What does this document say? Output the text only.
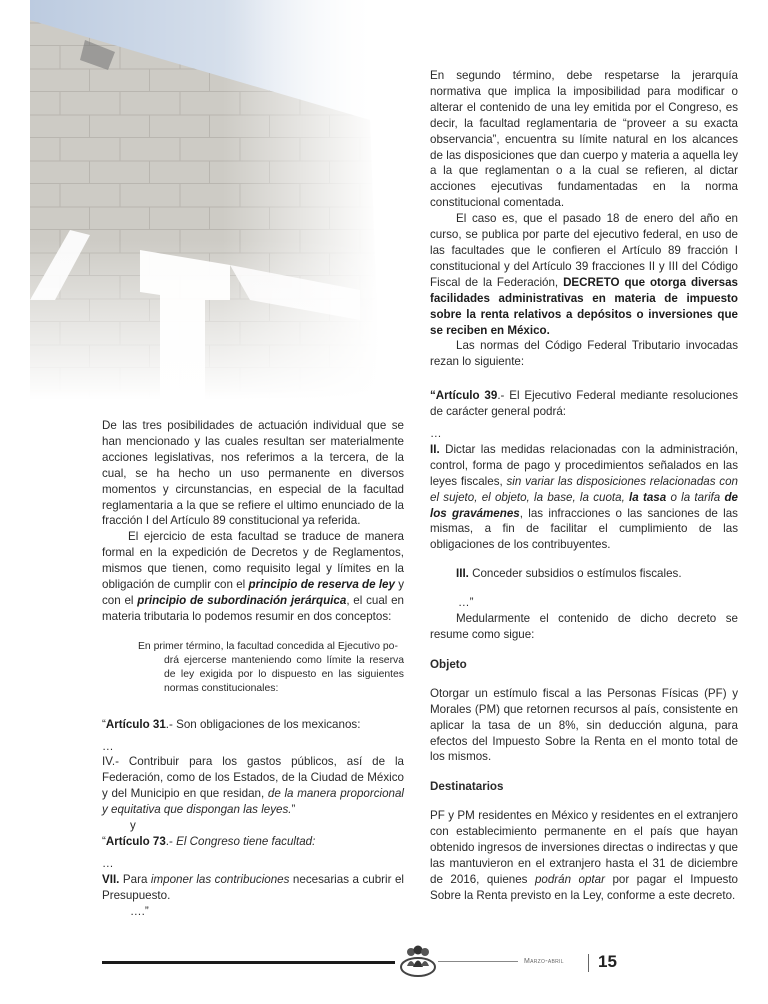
De las tres posibilidades de actuación individual que se han mencionado y las cuales resultan ser materialmente acciones legislativas, nos referimos a la tercera, de la cual, se ha hecho un uso permanente en diversos momentos y circunstancias, en especial de la facultad reglamentaria a la que se refiere el ultimo enunciado de la fracción I del Artículo 89 constitucional ya referida.

El ejercicio de esta facultad se traduce de manera formal en la expedición de Decretos y de Reglamentos, mismos que tienen, como requisito legal y límites en la obligación de cumplir con el principio de reserva de ley y con el principio de subordinación jerárquica, el cual en materia tributaria lo podemos resumir en dos conceptos:

En primer término, la facultad concedida al Ejecutivo po-
drá ejercerse manteniendo como límite la reserva de ley exigida por lo dispuesto en las siguientes normas constitucionales:

“Artículo 31.- Son obligaciones de los mexicanos:

…

IV.- Contribuir para los gastos públicos, así de la Federación, como de los Estados, de la Ciudad de México y del Municipio en que residan, de la manera proporcional y equitativa que dispongan las leyes.”

y

“Artículo 73.- El Congreso tiene facultad:

…

VII. Para imponer las contribuciones necesarias a cubrir el Presupuesto.

….”

En segundo término, debe respetarse la jerarquía normativa que implica la imposibilidad para modificar o alterar el contenido de una ley emitida por el Congreso, es decir, la facultad reglamentaria de “proveer a su exacta observancia”, encuentra su límite natural en los alcances de las disposiciones que dan cuerpo y materia a aquella ley a la que reglamentan o a la cual se refieren, al dictar acciones ejecutivas fundamentadas en la norma constitucional comentada.

El caso es, que el pasado 18 de enero del año en curso, se publica por parte del ejecutivo federal, en uso de las facultades que le confieren el Artículo 89 fracción I constitucional y del Artículo 39 fracciones II y III del Código Fiscal de la Federación, DECRETO que otorga diversas facilidades administrativas en materia de impuesto sobre la renta relativos a depósitos o inversiones que se reciben en México.

Las normas del Código Federal Tributario invocadas rezan lo siguiente:

“Artículo 39.- El Ejecutivo Federal mediante resoluciones de carácter general podrá:

…

II. Dictar las medidas relacionadas con la administración, control, forma de pago y procedimientos señalados en las leyes fiscales, sin variar las disposiciones relacionadas con el sujeto, el objeto, la base, la cuota, la tasa o la tarifa de los gravámenes, las infracciones o las sanciones de las mismas, a fin de facilitar el cumplimiento de las obligaciones de los contribuyentes.

III. Conceder subsidios o estímulos fiscales.

…”

Medularmente el contenido de dicho decreto se resume como sigue:

Objeto

Otorgar un estímulo fiscal a las Personas Físicas (PF) y Morales (PM) que retornen recursos al país, consistente en aplicar la tasa de un 8%, sin deducción alguna, para efectos del Impuesto Sobre la Renta en el monto total de los mismos.

Destinatarios

PF y PM residentes en México y residentes en el extranjero con establecimiento permanente en el país que hayan obtenido ingresos de inversiones directas o indirectas y que las mantuvieron en el extranjero hasta el 31 de diciembre de 2016, quienes podrán optar por pagar el Impuesto Sobre la Renta previsto en la Ley, conforme a este decreto.

Marzo-abril 15
